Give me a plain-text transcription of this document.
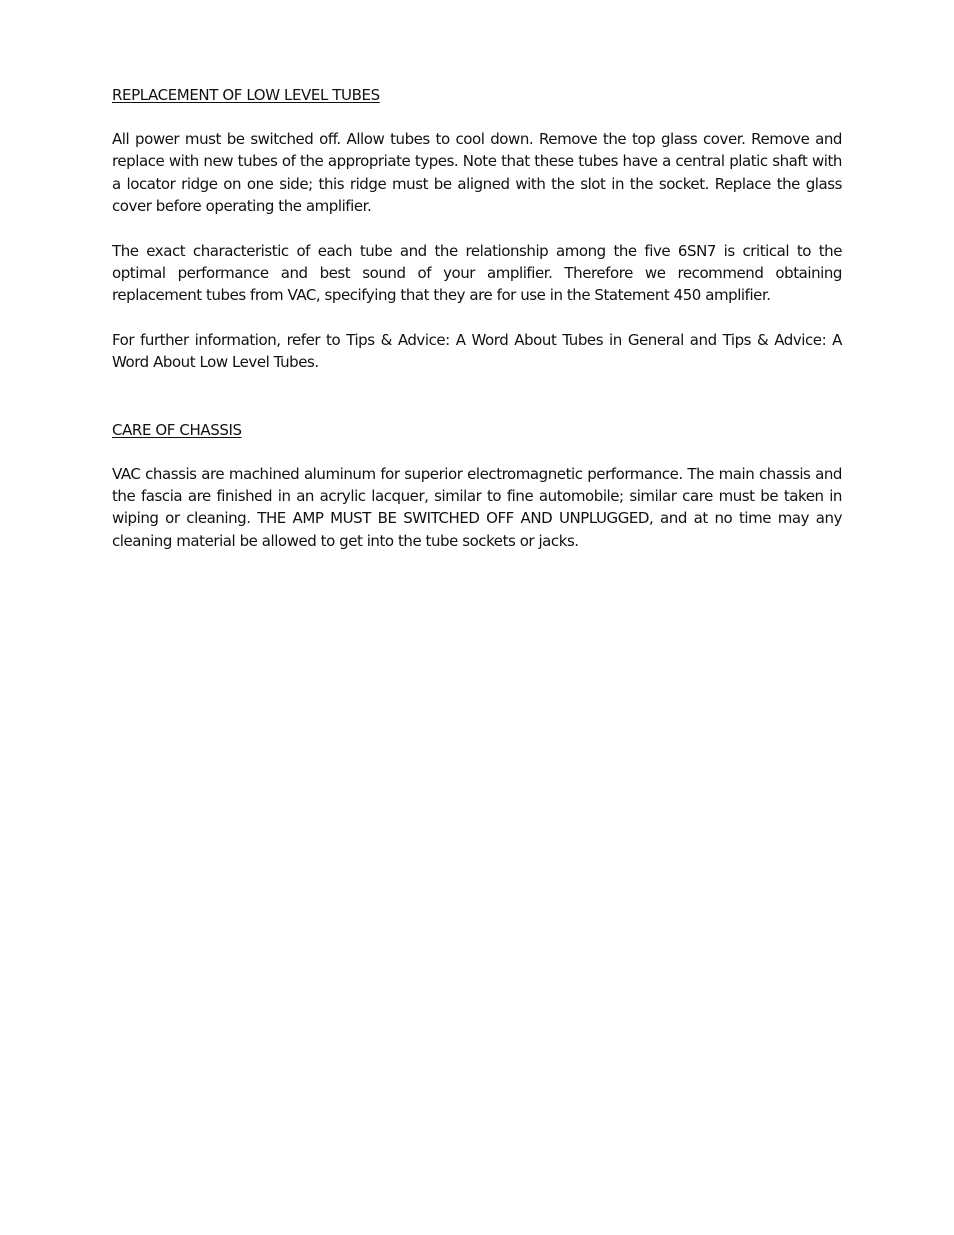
REPLACEMENT OF LOW LEVEL TUBES

All power must be switched off. Allow tubes to cool down. Remove the top glass cover. Remove and replace with new tubes of the appropriate types. Note that these tubes have a central platic shaft with a locator ridge on one side; this ridge must be aligned with the slot in the socket. Replace the glass cover before operating the amplifier.

The exact characteristic of each tube and the relationship among the five 6SN7 is critical to the optimal performance and best sound of your amplifier. Therefore we recommend obtaining replacement tubes from VAC, specifying that they are for use in the Statement 450 amplifier.

For further information, refer to Tips & Advice: A Word About Tubes in General and Tips & Advice: A Word About Low Level Tubes.

CARE OF CHASSIS

VAC chassis are machined aluminum for superior electromagnetic performance. The main chassis and the fascia are finished in an acrylic lacquer, similar to fine automobile; similar care must be taken in wiping or cleaning. THE AMP MUST BE SWITCHED OFF AND UNPLUGGED, and at no time may any cleaning material be allowed to get into the tube sockets or jacks.
